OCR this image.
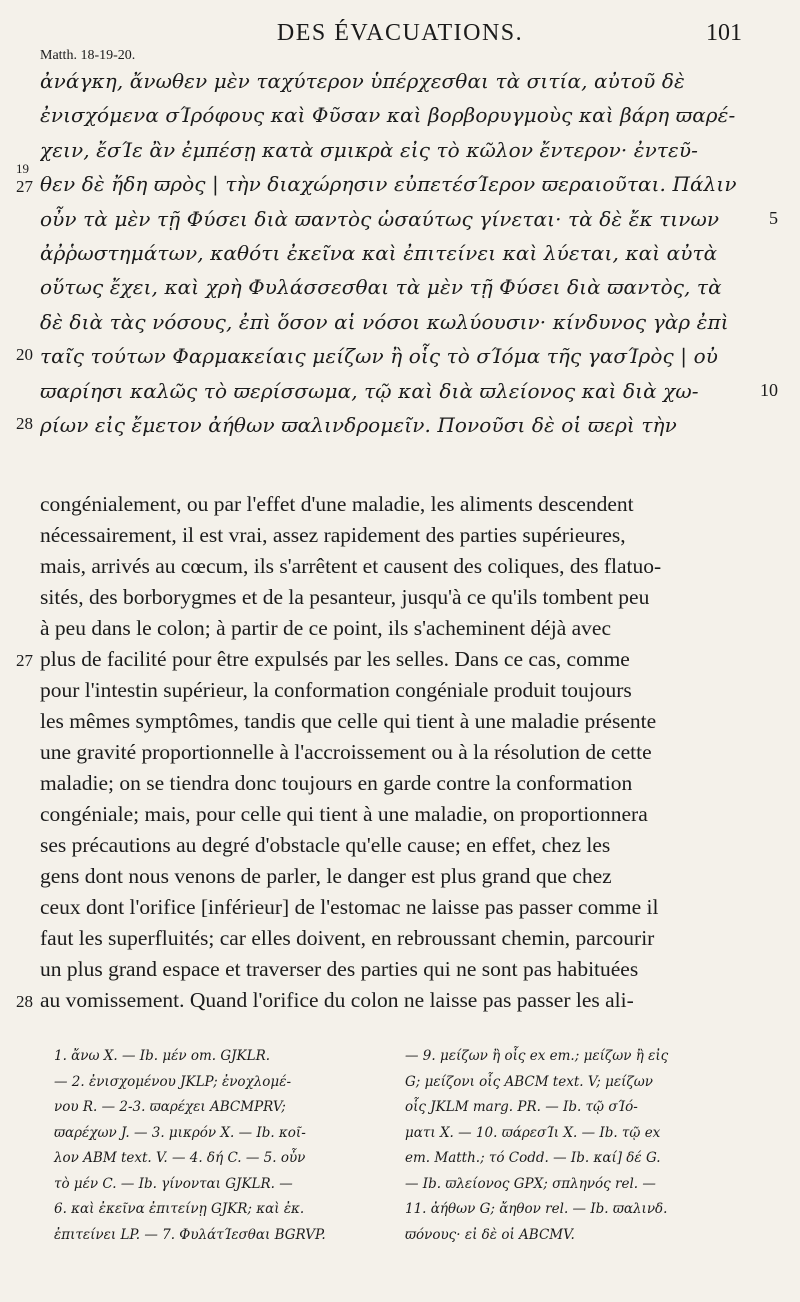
DES ÉVACUATIONS.	101
Matth. 18-19-20.
ἀνάγκη, ἄνωθεν μὲν ταχύτερον ὑπέρχεσθαι τὰ σιτία, αὐτοῦ δὲ
ἐνισχόμενα σΊρόφους καὶ Φῦσαν καὶ βορβορυγμοὺς καὶ βάρη ϖαρέ-
χειν, ἔσΊε ἂν ἐμπέσῃ κατὰ σμικρὰ εἰς τὸ κῶλον ἔντερον· ἐντεῦ-
θεν δὲ ἤδη ϖρὸς | τὴν διαχώρησιν εὐπετέσΊερον ϖεραιοῦται. Πάλιν
οὖν τὰ μὲν τῇ Φύσει διὰ ϖαντὸς ὡσαύτως γίνεται· τὰ δὲ ἔκ τινων
ἀῤῥωστημάτων, καθότι ἐκεῖνα καὶ ἐπιτείνει καὶ λύεται, καὶ αὐτὰ
οὕτως ἔχει, καὶ χρὴ Φυλάσσεσθαι τὰ μὲν τῇ Φύσει διὰ ϖαντὸς, τὰ
δὲ διὰ τὰς νόσους, ἐπὶ ὅσον αἱ νόσοι κωλύουσιν· κίνδυνος γὰρ ἐπὶ
ταῖς τούτων Φαρμακείαις μείζων ἢ οἷς τὸ σΊόμα τῆς γασΊρὸς | οὐ
ϖαρίησι καλῶς τὸ ϖερίσσωμα, τῷ καὶ διὰ ϖλείονος καὶ διὰ χω-
ρίων εἰς ἔμετον ἀήθων ϖαλινδρομεῖν. Πονοῦσι δὲ οἱ ϖερὶ τὴν
19
27
20
28
5
10
congénialement, ou par l'effet d'une maladie, les aliments descendent
nécessairement, il est vrai, assez rapidement des parties supérieures,
mais, arrivés au cœcum, ils s'arrêtent et causent des coliques, des flatuo-
sités, des borborygmes et de la pesanteur, jusqu'à ce qu'ils tombent peu
à peu dans le colon; à partir de ce point, ils s'acheminent déjà avec
plus de facilité pour être expulsés par les selles. Dans ce cas, comme
pour l'intestin supérieur, la conformation congéniale produit toujours
les mêmes symptômes, tandis que celle qui tient à une maladie présente
une gravité proportionnelle à l'accroissement ou à la résolution de cette
maladie; on se tiendra donc toujours en garde contre la conformation
congéniale; mais, pour celle qui tient à une maladie, on proportionnera
ses précautions au degré d'obstacle qu'elle cause; en effet, chez les
gens dont nous venons de parler, le danger est plus grand que chez
ceux dont l'orifice [inférieur] de l'estomac ne laisse pas passer comme il
faut les superfluités; car elles doivent, en rebroussant chemin, parcourir
un plus grand espace et traverser des parties qui ne sont pas habituées
au vomissement. Quand l'orifice du colon ne laisse pas passer les ali-
27
28
1. ἄνω X. — Ib. μέν om. GJKLR.
— 2. ἐνισχομένου JKLP; ἐνοχλομέ-
νου R. — 2-3. ϖαρέχει ABCMPRV;
ϖαρέχων J. — 3. μικρόν X. — Ib. κοῖ-
λον ABM text. V. — 4. δή C. — 5. οὖν
τὸ μέν C. — Ib. γίνονται GJKLR. —
6. καὶ ἐκεῖνα ἐπιτείνῃ GJKR; καὶ ἐκ.
ἐπιτείνει LP. — 7. ΦυλάτΊεσθαι BGRVP.
— 9. μείζων ἢ οἷς ex em.; μείζων ἢ εἰς
G; μείζονι οἷς ABCM text. V; μείζων
οἷς JKLM marg. PR. — Ib. τῷ σΊό-
ματι X. — 10. ϖάρεσΊι X. — Ib. τῷ ex
em. Matth.; τό Codd. — Ib. καί] δέ G.
— Ib. ϖλείονος GPX; σπληνός rel. —
11. ἀήθων G; ἄηθον rel. — Ib. ϖαλινδ.
ϖόνους· εἰ δὲ οἱ ABCMV.
